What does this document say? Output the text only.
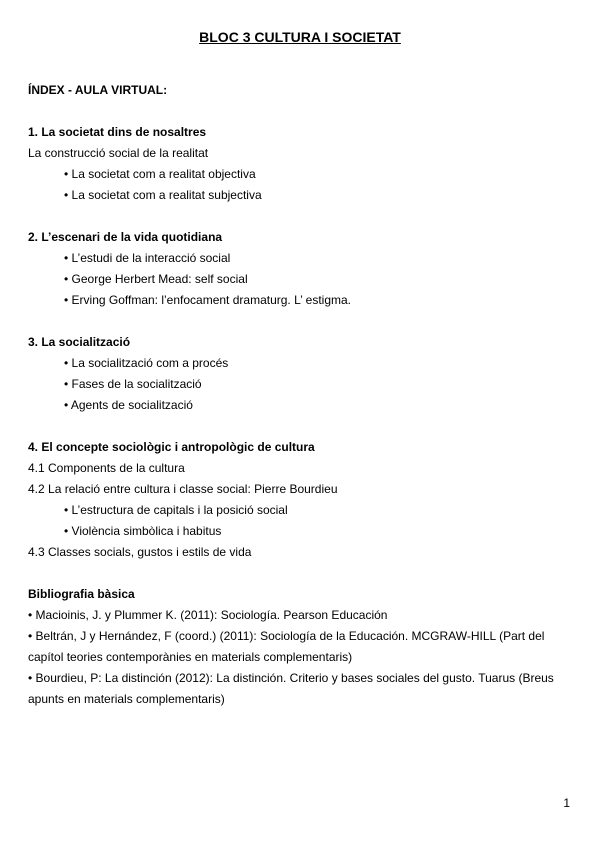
BLOC 3 CULTURA I SOCIETAT
ÍNDEX - AULA VIRTUAL:
1. La societat dins de nosaltres
La construcció social de la realitat
• La societat com a realitat objectiva
• La societat com a realitat subjectiva
2. L’escenari de la vida quotidiana
• L’estudi de la interacció social
• George Herbert Mead: self social
• Erving Goffman: l’enfocament dramaturg. L’ estigma.
3. La socialització
• La socialització com a procés
• Fases de la socialització
• Agents de socialització
4. El concepte sociològic i antropològic de cultura
4.1 Components de la cultura
4.2 La relació entre cultura i classe social: Pierre Bourdieu
• L’estructura de capitals i la posició social
• Violència simbòlica i habitus
4.3 Classes socials, gustos i estils de vida
Bibliografia bàsica
• Macioinis, J. y Plummer K. (2011): Sociología. Pearson Educación
• Beltrán, J y Hernández, F (coord.) (2011): Sociología de la Educación. MCGRAW-HILL (Part del capítol teories contemporànies en materials complementaris)
• Bourdieu, P: La distinción (2012): La distinción. Criterio y bases sociales del gusto. Tuarus (Breus apunts en materials complementaris)
1
